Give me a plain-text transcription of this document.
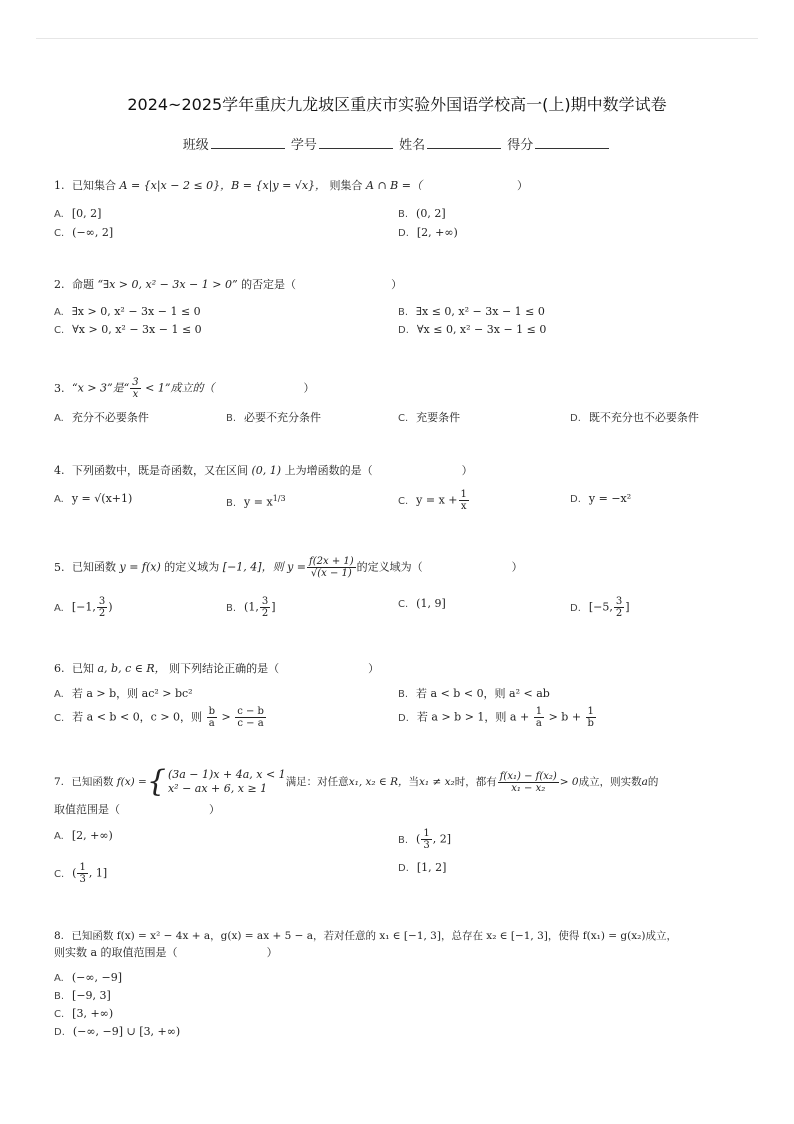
2024~2025学年重庆九龙坡区重庆市实验外国语学校高一(上)期中数学试卷
班级	学号	姓名	得分
1. 已知集合 A = {x|x − 2 ≤ 0}，B = {x|y = √x}， 则集合 A ∩ B =（	）
A. [0, 2]	B. (0, 2]
C. (−∞, 2]	D. [2, +∞)
2. 命题 “∃x > 0, x² − 3x − 1 > 0” 的否定是（	）
A. ∃x > 0, x² − 3x − 1 ≤ 0	B. ∃x ≤ 0, x² − 3x − 1 ≤ 0
C. ∀x > 0, x² − 3x − 1 ≤ 0	D. ∀x ≤ 0, x² − 3x − 1 ≤ 0
3. “x > 3”是“ $\frac{3}{x} < 1$”成立的（	）
A. 充分不必要条件	B. 必要不充分条件	C. 充要条件	D. 既不充分也不必要条件
4. 下列函数中，既是奇函数，又在区间 (0, 1) 上为增函数的是（	）
A. y = √(x+1)	B. $y = x^{1/3}$	C. $y = x + \frac{1}{x}$	D. y = −x²
5. 已知函数 y = f(x) 的定义域为 [−1, 4]，则 $y = \frac{f(2x + 1)}{√(x - 1)}$ 的定义域为（	）
A. [−1, $\frac{3}{2}$ )	B. (1, $\frac{3}{2}$ ]	C. (1, 9]	D. [−5, $\frac{3}{2}$ ]
6. 已知 a, b, c ∈ R， 则下列结论正确的是（	）
A. 若 a > b，则 ac² > bc²	B. 若 a < b < 0，则 a² < ab
C. 若 a < b < 0，c > 0，则 $\frac{b}{a} > \frac{c - b}{c - a}$	D. 若 a > b > 1，则 $a + \frac{1}{a} > b + \frac{1}{b}$
7. 已知函数 f(x) = { (3a − 1)x + 4a, x < 1
x² − ax + 6, x ≥ 1	满足：对任意x₁, x₂ ∈ R，当x₁ ≠ x₂时，都有 $\frac{\text{f(x₁) − f(x₂)}}{\text{x₁ − x₂}} > 0$成立，则实数a的
取值范围是（	）
A. [2, +∞)	B. ( $\frac{1}{3}$ , 2]
C. ( $\frac{1}{3}$ , 1]	D. [1, 2]
8. 已知函数 f(x) = x² − 4x + a，g(x) = ax + 5 − a，若对任意的 x₁ ∈ [−1, 3]，总存在 x₂ ∈ [−1, 3]，使得 f(x₁) = g(x₂)成立，
则实数 a 的取值范围是（	）
A. (−∞, −9]
B. [−9, 3]
C. [3, +∞)
D. (−∞, −9] ∪ [3, +∞)
